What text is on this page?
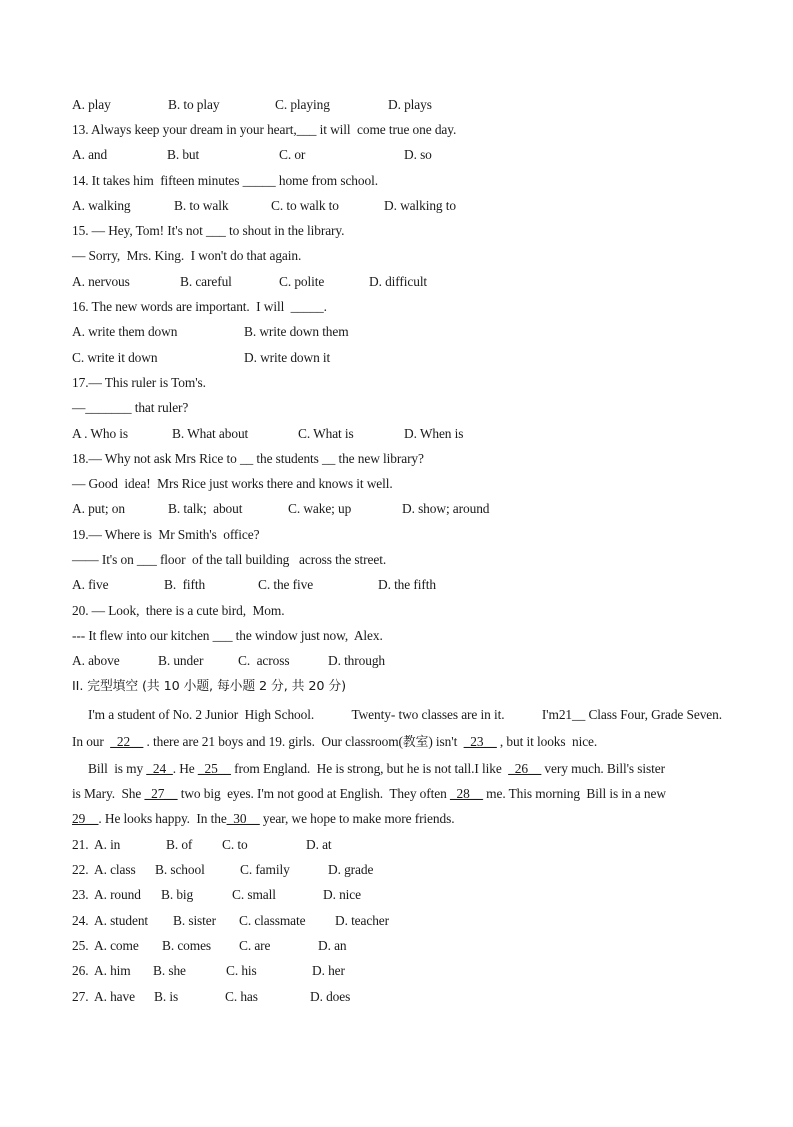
A. play

	B. to play

	C. playing

	D. plays

13. Always keep your dream in your heart,___ it will  come true one day.

A. and

	B. but

	C. or

	D. so

14. It takes him  fifteen minutes _____ home from school.

A. walking

	B. to walk

	C. to walk to

	D. walking to

15. — Hey, Tom! It's not ___ to shout in the library.
— Sorry,  Mrs. King.  I won't do that again.

A. nervous

	B. careful

	C. polite

	D. difficult

16. The new words are important.  I will  _____.

A. write them down

	B. write down them

C. write it down

	D. write down it

17.— This ruler is Tom's.
—_______ that ruler?

A . Who is

	B. What about

	C. What is

	D. When is

18.— Why not ask Mrs Rice to __ the students __ the new library?
— Good  idea!  Mrs Rice just works there and knows it well.

A. put; on

	B. talk;  about

	C. wake; up

	D. show; around

19.— Where is  Mr Smith's  office?
—— It's on ___ floor  of the tall building   across the street.

A. five

	B.  fifth

	C. the five

	D. the fifth

20. — Look,  there is a cute bird,  Mom.
--- It flew into our kitchen ___ the window just now,  Alex.

A. above

	B. under

	C.  across

	D. through

II. 完型填空 (共 10 小题, 每小题 2 分, 共 20 分)
I'm a student of No. 2 Junior  High School.	Twenty- two classes are in it.	I'm21__ Class Four, Grade Seven.
In our  _22__ . there are 21 boys and 19. girls.  Our classroom(教室) isn't  _23__ , but it looks  nice.
Bill  is my _24_. He _25__ from England.  He is strong, but he is not tall.I like  _26__ very much. Bill's sister
is Mary.  She _27__ two big  eyes. I'm not good at English.  They often _28__ me. This morning  Bill is in a new
29__. He looks happy.  In the_30__ year, we hope to make more friends.

21.

A. in

	B. of

C. to

	D. at

22.

A. class

B. school

	C. family

	D. grade

23.

A. round

B. big

	C. small

	D. nice

24.

A. student

B. sister

C. classmate

D. teacher

25.

A. come

B. comes

C. are

	D. an

26.

A. him

B. she

	C. his

	D. her

27.

A. have

B. is

	C. has

	D. does
